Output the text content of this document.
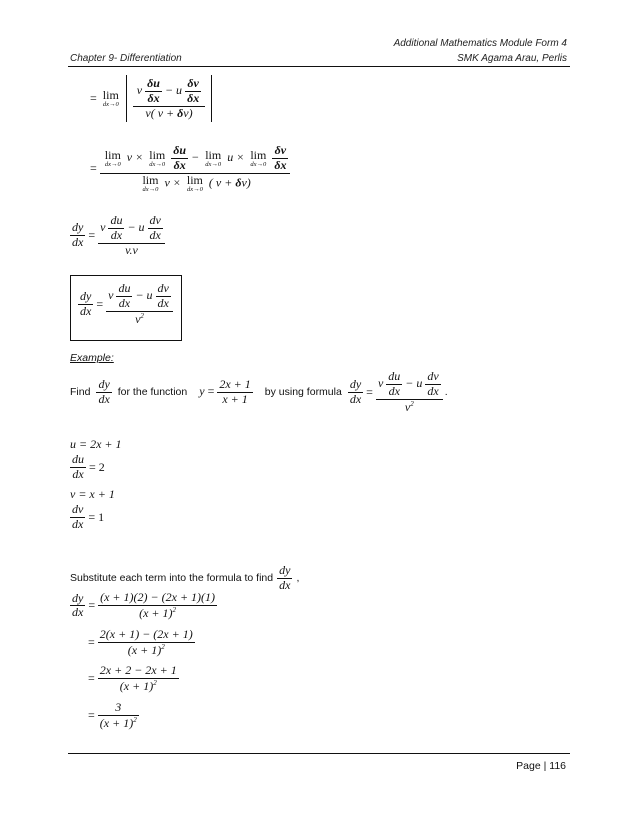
Additional Mathematics Module Form 4
Chapter 9- Differentiation	SMK Agama Arau, Perlis
= lim
$dx\to 0 \frac{v \frac{\delta u}{\delta x} - u \frac{\delta v}{\delta x}}{v( v + \delta v)}$
=
lim
dx→0 v × lim
dx→0
$\frac{\delta u}{\delta x} - \lim$
dx→0 u × lim
dx→0
$\frac{\delta v}{\delta x}$
lim
dx→0 v × lim
dx→0 ( v + δv)
$\frac{dy}{dx} = \frac{v \frac{du}{dx} - u \frac{dv}{dx}}{v.v}$
$\frac{dy}{dx} = \frac{v \frac{du}{dx} - u \frac{dv}{dx}}{v^2}$
Example:
Find $\frac{dy}{dx}$ for the function $y = \frac{2x + 1}{x + 1}$ by using formula $\frac{dy}{dx} = \frac{v \frac{du}{dx} - u \frac{dv}{dx}}{v^2}$ .
u = 2x + 1
$\frac{du}{dx} = 2$
v = x + 1
$\frac{dv}{dx} = 1$
Substitute each term into the formula to find $\frac{dy}{dx}$ ,
$\frac{dy}{dx} = \frac{(x + 1)(2) - (2x + 1)(1)}{(x + 1)^2}$
= $\frac{2(x + 1) - (2x + 1)}{(x + 1)^2}$
= $\frac{2x + 2 - 2x + 1}{(x + 1)^2}$
= $\frac{3}{(x + 1)^2}$
Page | 116
